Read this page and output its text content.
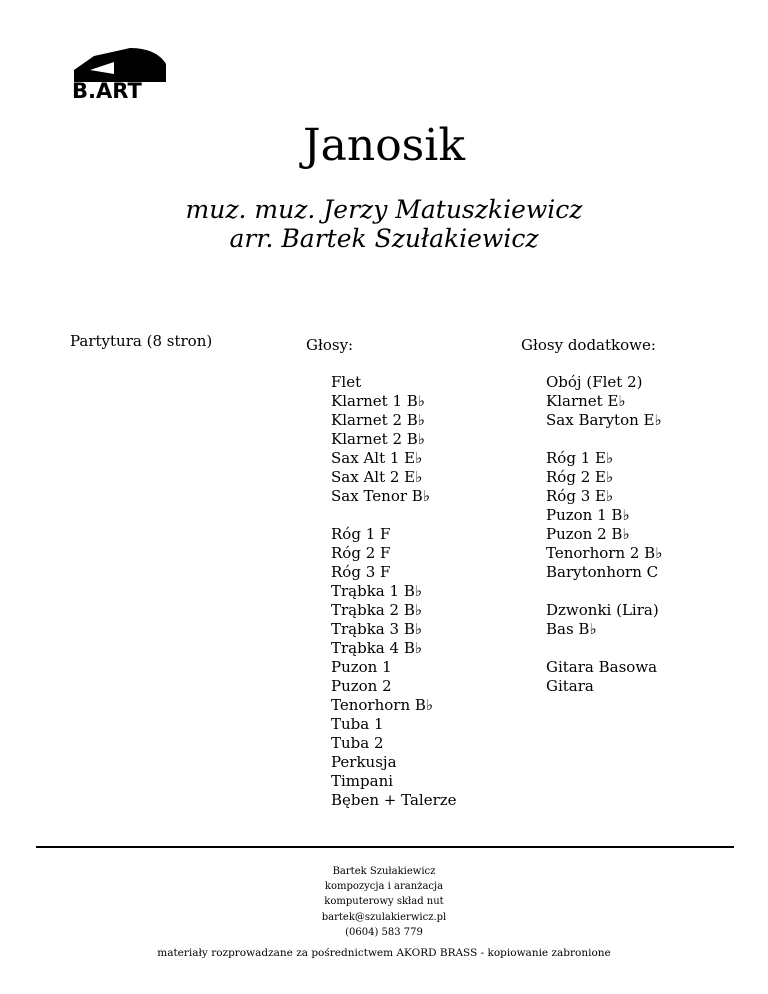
B.ART
Janosik
muz. muz. Jerzy Matuszkiewicz
arr. Bartek Szułakiewicz
Partytura (8 stron)	Głosy:
Flet
Klarnet 1 B♭
Klarnet 2 B♭
Klarnet 2 B♭
Sax Alt 1 E♭
Sax Alt 2 E♭
Sax Tenor B♭
Róg 1 F
Róg 2 F
Róg 3 F
Trąbka 1 B♭
Trąbka 2 B♭
Trąbka 3 B♭
Trąbka 4 B♭
Puzon 1
Puzon 2
Tenorhorn B♭
Tuba 1
Tuba 2
Perkusja
Timpani
Bęben + Talerze
Głosy dodatkowe:
Obój (Flet 2)
Klarnet E♭
Sax Baryton E♭
Róg 1 E♭
Róg 2 E♭
Róg 3 E♭
Puzon 1 B♭
Puzon 2 B♭
Tenorhorn 2 B♭
Barytonhorn C
Dzwonki (Lira)
Bas B♭
Gitara Basowa
Gitara
Bartek Szułakiewicz
kompozycja i aranżacja
komputerowy skład nut
bartek@szulakierwicz.pl
(0604) 583 779
materiały rozprowadzane za pośrednictwem AKORD BRASS - kopiowanie zabronione
